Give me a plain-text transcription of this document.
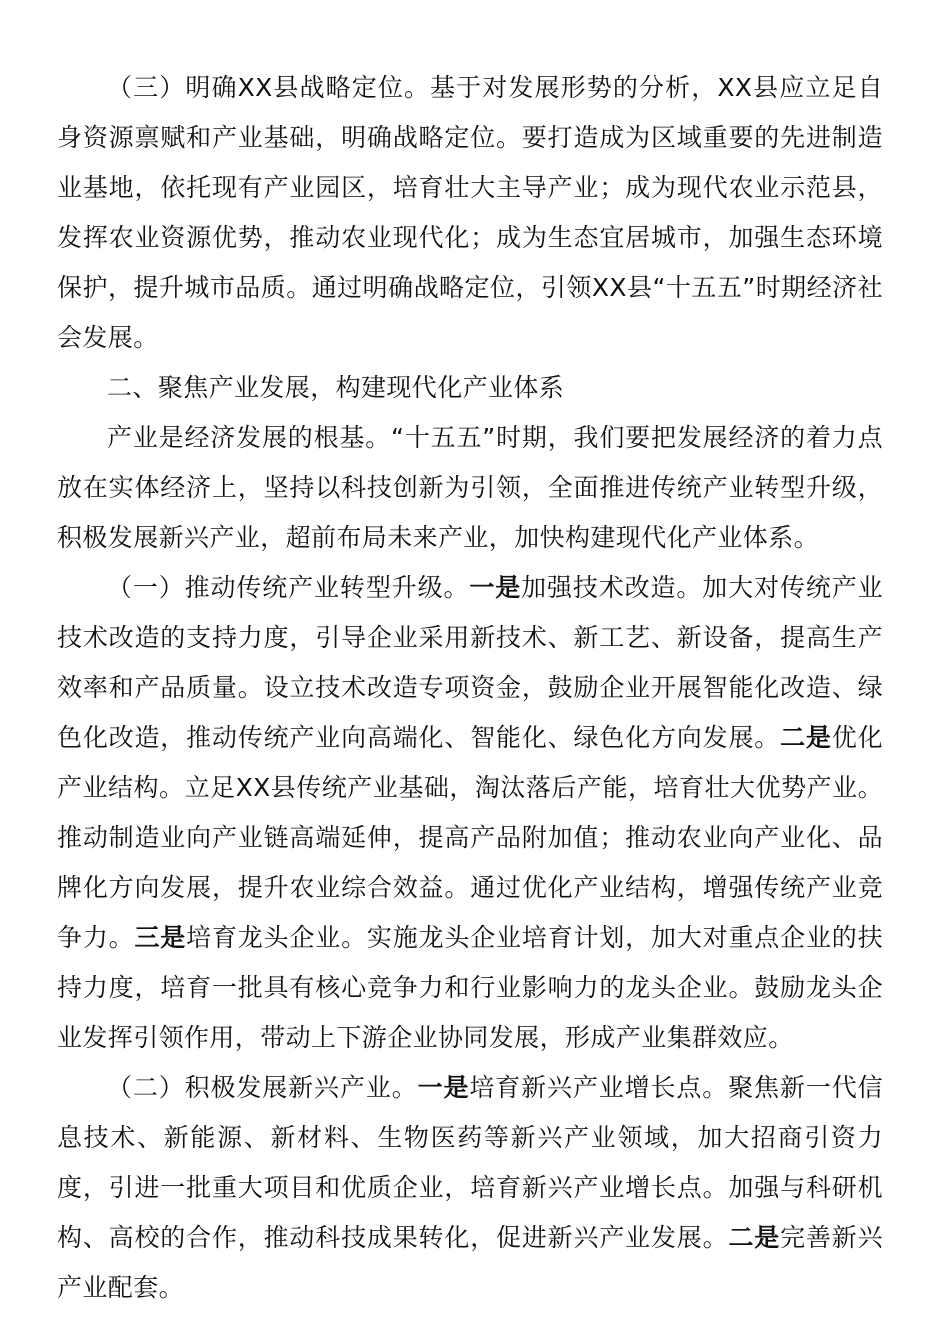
（三）明确XX县战略定位。基于对发展形势的分析，XX县应立足自身资源禀赋和产业基础，明确战略定位。要打造成为区域重要的先进制造业基地，依托现有产业园区，培育壮大主导产业；成为现代农业示范县，发挥农业资源优势，推动农业现代化；成为生态宜居城市，加强生态环境保护，提升城市品质。通过明确战略定位，引领XX县“十五五”时期经济社会发展。

二、聚焦产业发展，构建现代化产业体系

产业是经济发展的根基。“十五五”时期，我们要把发展经济的着力点放在实体经济上，坚持以科技创新为引领，全面推进传统产业转型升级，积极发展新兴产业，超前布局未来产业，加快构建现代化产业体系。

（一）推动传统产业转型升级。一是加强技术改造。加大对传统产业技术改造的支持力度，引导企业采用新技术、新工艺、新设备，提高生产效率和产品质量。设立技术改造专项资金，鼓励企业开展智能化改造、绿色化改造，推动传统产业向高端化、智能化、绿色化方向发展。二是优化产业结构。立足XX县传统产业基础，淘汰落后产能，培育壮大优势产业。推动制造业向产业链高端延伸，提高产品附加值；推动农业向产业化、品牌化方向发展，提升农业综合效益。通过优化产业结构，增强传统产业竞争力。三是培育龙头企业。实施龙头企业培育计划，加大对重点企业的扶持力度，培育一批具有核心竞争力和行业影响力的龙头企业。鼓励龙头企业发挥引领作用，带动上下游企业协同发展，形成产业集群效应。

（二）积极发展新兴产业。一是培育新兴产业增长点。聚焦新一代信息技术、新能源、新材料、生物医药等新兴产业领域，加大招商引资力度，引进一批重大项目和优质企业，培育新兴产业增长点。加强与科研机构、高校的合作，推动科技成果转化，促进新兴产业发展。二是完善新兴产业配套。
